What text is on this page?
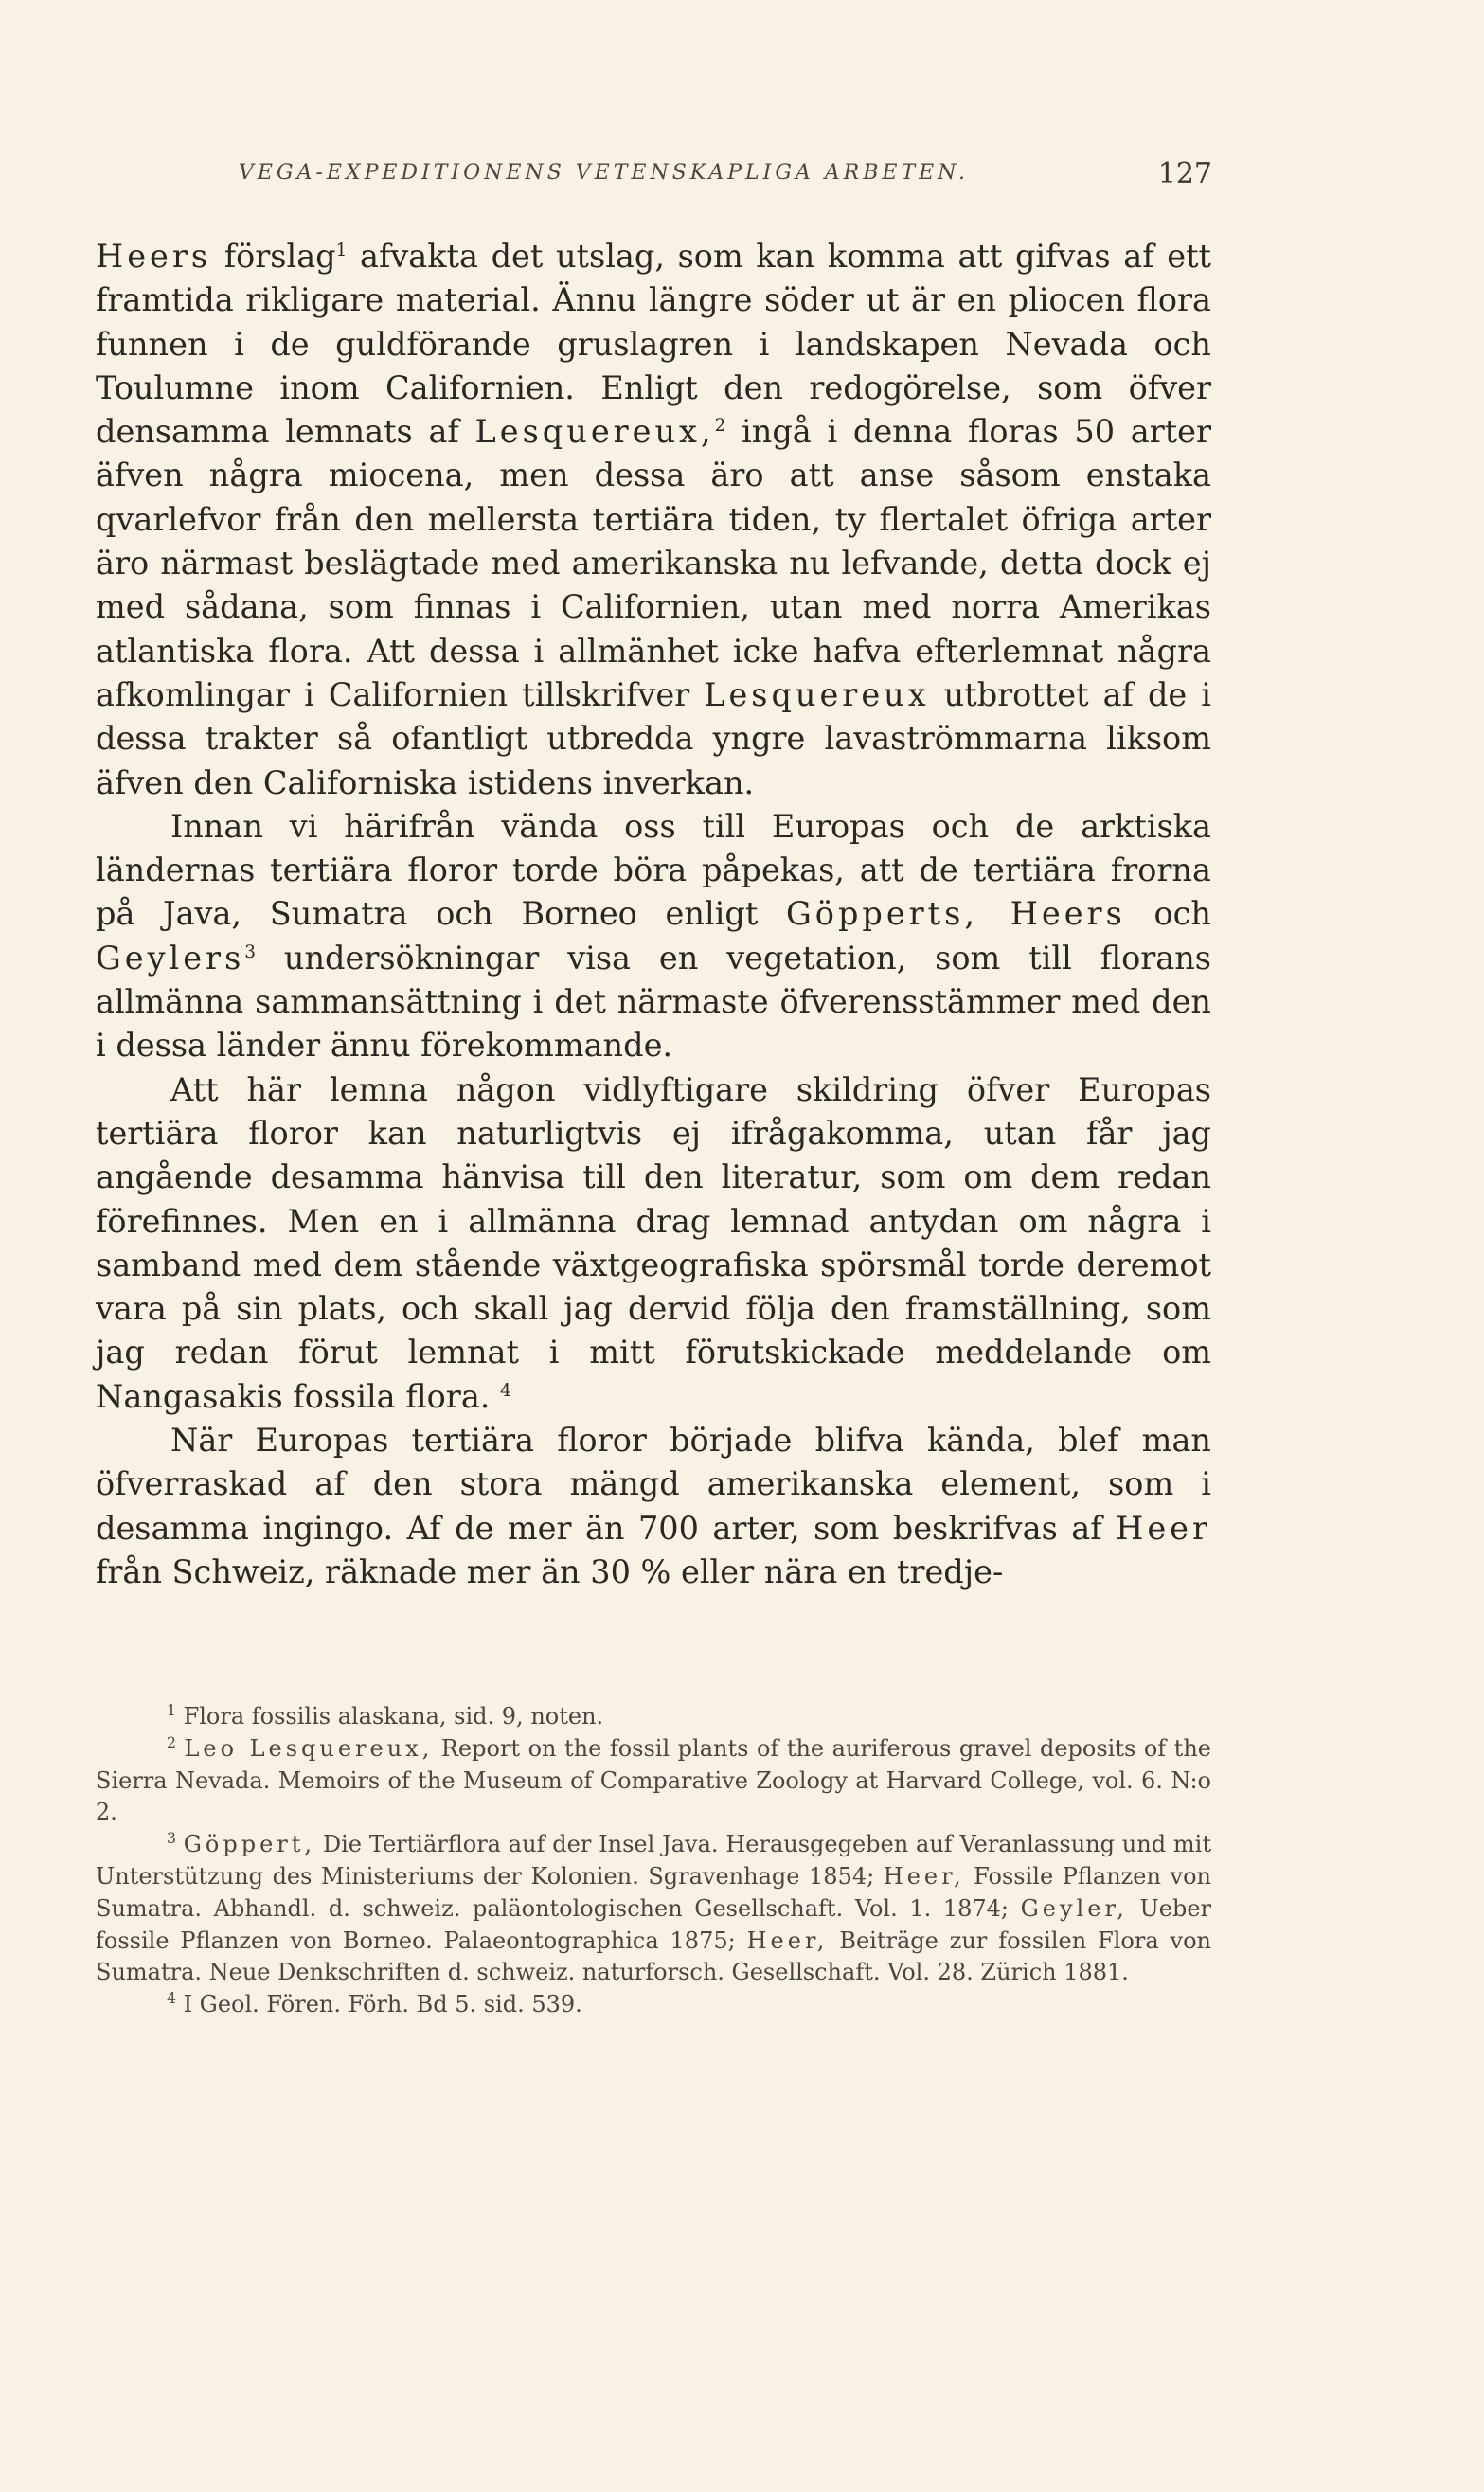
VEGA-EXPEDITIONENS VETENSKAPLIGA ARBETEN.	127

Heers förslag$^1$ afvakta det utslag, som kan komma att gifvas af ett framtida rikligare material. Ännu längre söder ut är en pliocen flora funnen i de guldförande gruslagren i landskapen Nevada och Toulumne inom Californien. Enligt den redogörelse, som öfver densamma lemnats af Lesquereux,$^2$ ingå i denna floras 50 arter äfven några miocena, men dessa äro att anse såsom enstaka qvarlefvor från den mellersta tertiära tiden, ty flertalet öfriga arter äro närmast beslägtade med amerikanska nu lefvande, detta dock ej med sådana, som finnas i Californien, utan med norra Amerikas atlantiska flora. Att dessa i allmänhet icke hafva efterlemnat några afkomlingar i Californien tillskrifver Lesquereux utbrottet af de i dessa trakter så ofantligt utbredda yngre lavaströmmarna liksom äfven den Californiska istidens inverkan.

Innan vi härifrån vända oss till Europas och de arktiska ländernas tertiära floror torde böra påpekas, att de tertiära frorna på Java, Sumatra och Borneo enligt Göpperts, Heers och Geylers$^3$ undersökningar visa en vegetation, som till florans allmänna sammansättning i det närmaste öfverensstämmer med den i dessa länder ännu förekommande.

Att här lemna någon vidlyftigare skildring öfver Europas tertiära floror kan naturligtvis ej ifrågakomma, utan får jag angående desamma hänvisa till den literatur, som om dem redan förefinnes. Men en i allmänna drag lemnad antydan om några i samband med dem stående växtgeografiska spörsmål torde deremot vara på sin plats, och skall jag dervid följa den framställning, som jag redan förut lemnat i mitt förutskickade meddelande om Nangasakis fossila flora. $^4$

När Europas tertiära floror började blifva kända, blef man öfverraskad af den stora mängd amerikanska element, som i desamma ingingo. Af de mer än 700 arter, som beskrifvas af Heer från Schweiz, räknade mer än 30 % eller nära en tredje-

$^1$ Flora fossilis alaskana, sid. 9, noten.

$^2$ Leo Lesquereux, Report on the fossil plants of the auriferous gravel deposits of the Sierra Nevada. Memoirs of the Museum of Comparative Zoology at Harvard College, vol. 6. N:o 2.

$^3$ Göppert, Die Tertiärflora auf der Insel Java. Herausgegeben auf Veranlassung und mit Unterstützung des Ministeriums der Kolonien. Sgravenhage 1854; Heer, Fossile Pflanzen von Sumatra. Abhandl. d. schweiz. paläontologischen Gesellschaft. Vol. 1. 1874; Geyler, Ueber fossile Pflanzen von Borneo. Palaeontographica 1875; Heer, Beiträge zur fossilen Flora von Sumatra. Neue Denkschriften d. schweiz. naturforsch. Gesellschaft. Vol. 28. Zürich 1881.

$^4$ I Geol. Fören. Förh. Bd 5. sid. 539.
